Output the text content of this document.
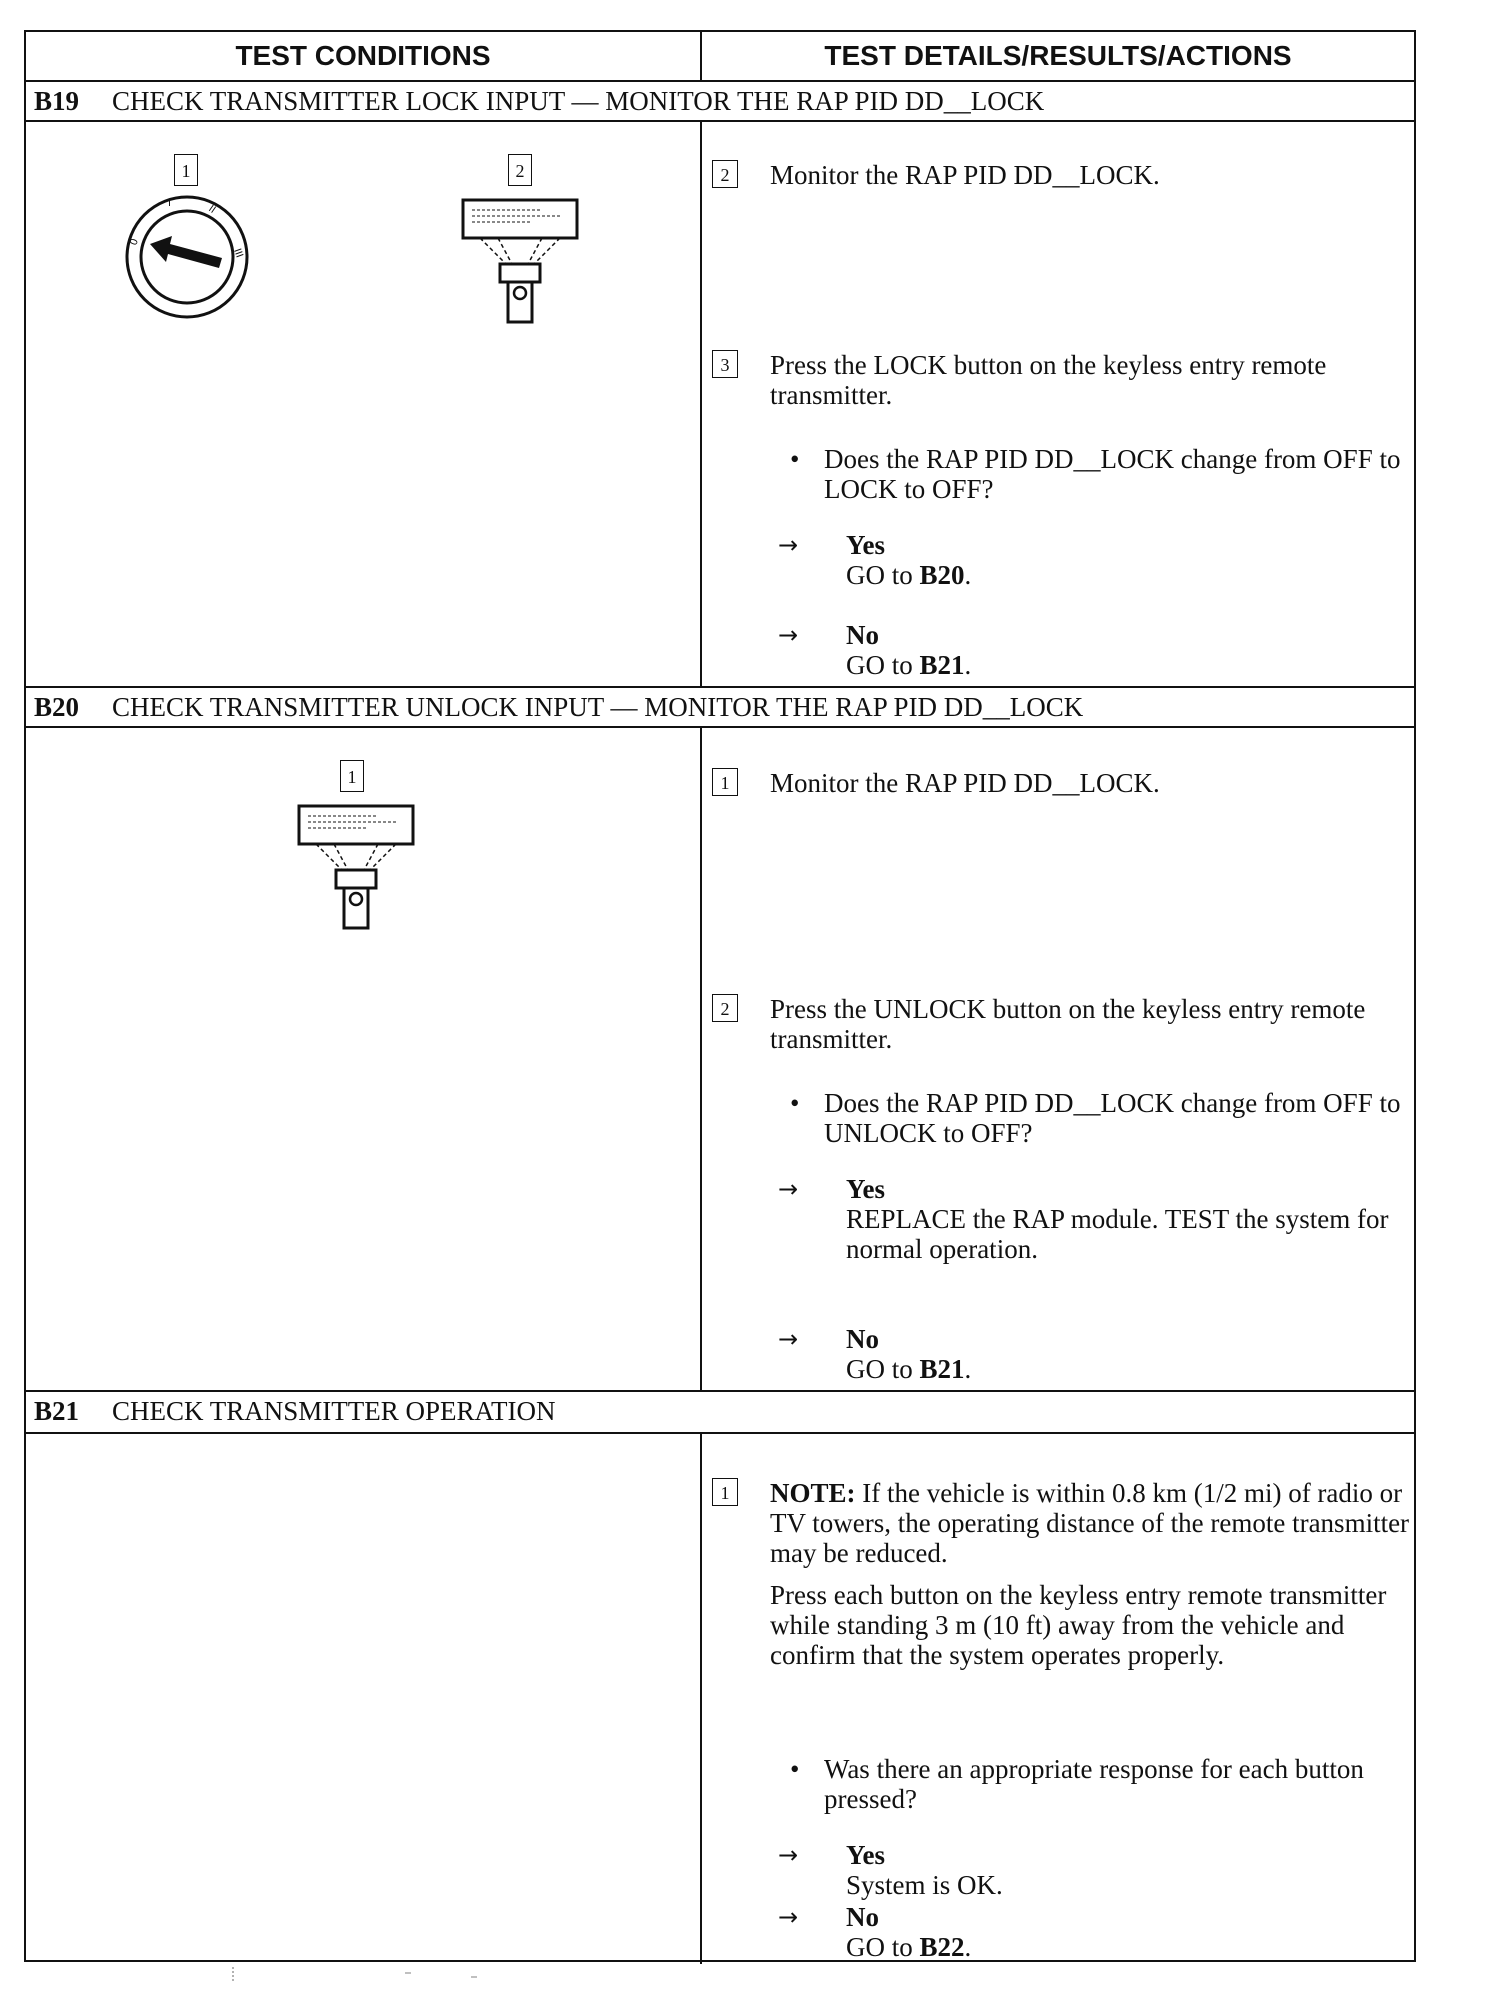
TEST CONDITIONS	TEST DETAILS/RESULTS/ACTIONS
B19 CHECK TRANSMITTER LOCK INPUT — MONITOR THE RAP PID DD__LOCK
1
0
I	II
III
2	2	Monitor the RAP PID DD__LOCK.
3	Press the LOCK button on the keyless entry remote transmitter.
• Does the RAP PID DD__LOCK change from OFF to LOCK to OFF?
→ Yes
GO to B20.
→ No
GO to B21.
B20 CHECK TRANSMITTER UNLOCK INPUT — MONITOR THE RAP PID DD__LOCK
1	1	Monitor the RAP PID DD__LOCK.
2	Press the UNLOCK button on the keyless entry remote transmitter.
• Does the RAP PID DD__LOCK change from OFF to UNLOCK to OFF?
→ Yes
REPLACE the RAP module. TEST the system for normal operation.
→ No
GO to B21.
B21 CHECK TRANSMITTER OPERATION
1	NOTE: If the vehicle is within 0.8 km (1/2 mi) of radio or TV towers, the operating distance of the remote transmitter may be reduced.
Press each button on the keyless entry remote transmitter while standing 3 m (10 ft) away from the vehicle and confirm that the system operates properly.
• Was there an appropriate response for each button pressed?
→ Yes
System is OK.
→ No
GO to B22.
